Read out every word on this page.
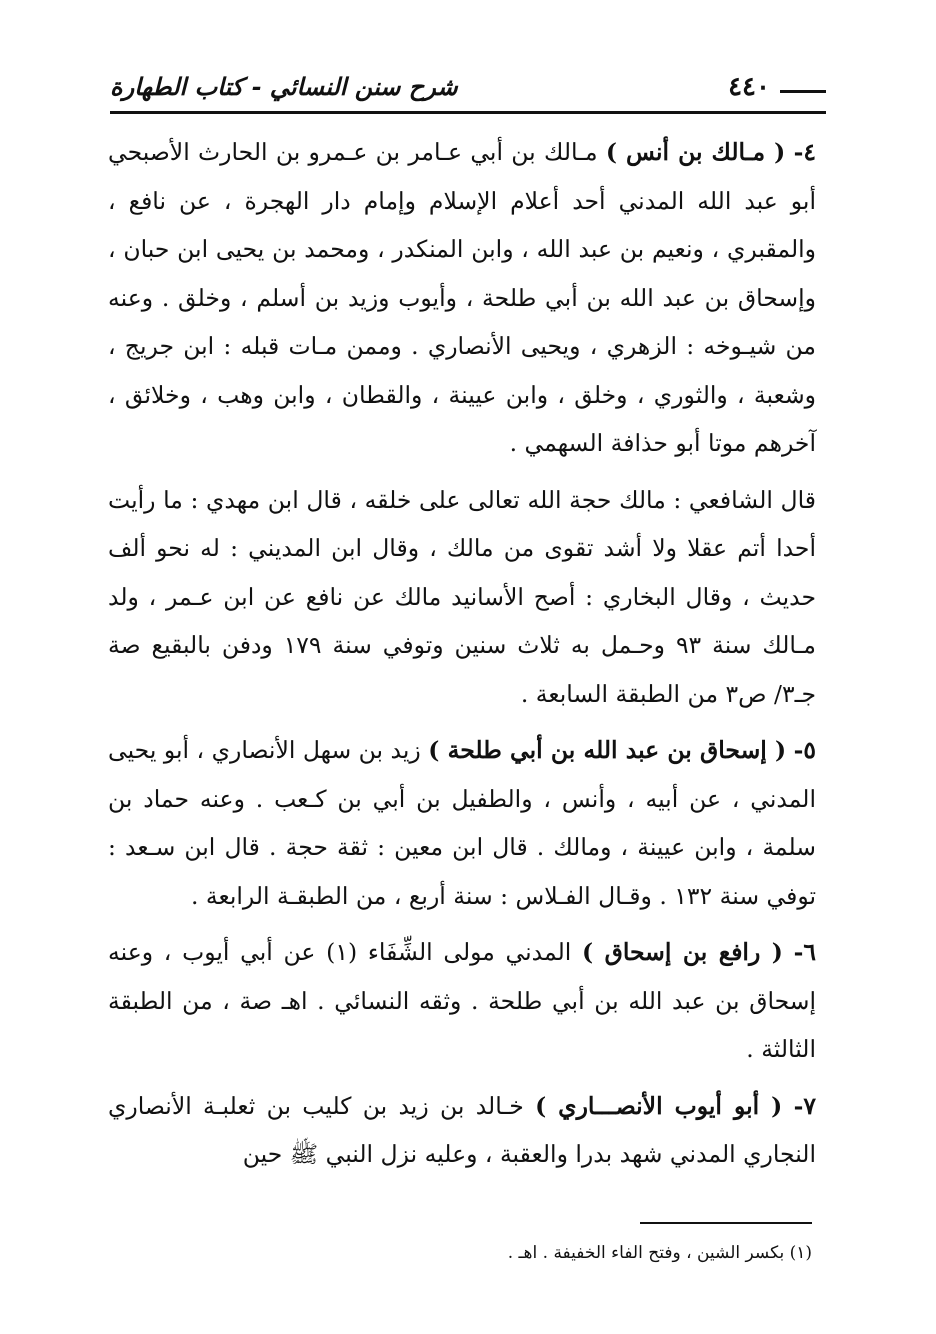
شرح سنن النسائي - كتاب الطهارة	٤٤٠

٤- ( مـالك بن أنس ) مـالك بن أبي عـامر بن عـمرو بن الحارث الأصبحي أبو عبد الله المدني أحد أعلام الإسلام وإمام دار الهجرة ، عن نافع ، والمقبري ، ونعيم بن عبد الله ، وابن المنكدر ، ومحمد بن يحيى ابن حبان ، وإسحاق بن عبد الله بن أبي طلحة ، وأيوب وزيد بن أسلم ، وخلق . وعنه من شيـوخه : الزهري ، ويحيى الأنصاري . وممن مـات قبله : ابن جريج ، وشعبة ، والثوري ، وخلق ، وابن عيينة ، والقطان ، وابن وهب ، وخلائق ، آخرهم موتا أبو حذافة السهمي .

قال الشافعي : مالك حجة الله تعالى على خلقه ، قال ابن مهدي : ما رأيت أحدا أتم عقلا ولا أشد تقوى من مالك ، وقال ابن المديني : له نحو ألف حديث ، وقال البخاري : أصح الأسانيد مالك عن نافع عن ابن عـمر ، ولد مـالك سنة ٩٣ وحـمل به ثلاث سنين وتوفي سنة ١٧٩ ودفن بالبقيع صة جـ٣/ ص٣ من الطبقة السابعة .

٥- ( إسحاق بن عبد الله بن أبي طلحة ) زيد بن سهل الأنصاري ، أبو يحيى المدني ، عن أبيه ، وأنس ، والطفيل بن أبي بن كـعب . وعنه حماد بن سلمة ، وابن عيينة ، ومالك . قال ابن معين : ثقة حجة . قال ابن سـعد : توفي سنة ١٣٢ . وقـال الفـلاس : سنة أربع ، من الطبقـة الرابعة .

٦- ( رافع بن إسحاق ) المدني مولى الشِّفَاء (١) عن أبي أيوب ، وعنه إسحاق بن عبد الله بن أبي طلحة . وثقه النسائي . اهـ صة ، من الطبقة الثالثة .

٧- ( أبو أيوب الأنصـــاري ) خـالد بن زيد بن كليب بن ثعلبـة الأنصاري النجاري المدني شهد بدرا والعقبة ، وعليه نزل النبي ﷺ حين

(١) بكسر الشين ، وفتح الفاء الخفيفة . اهـ .
